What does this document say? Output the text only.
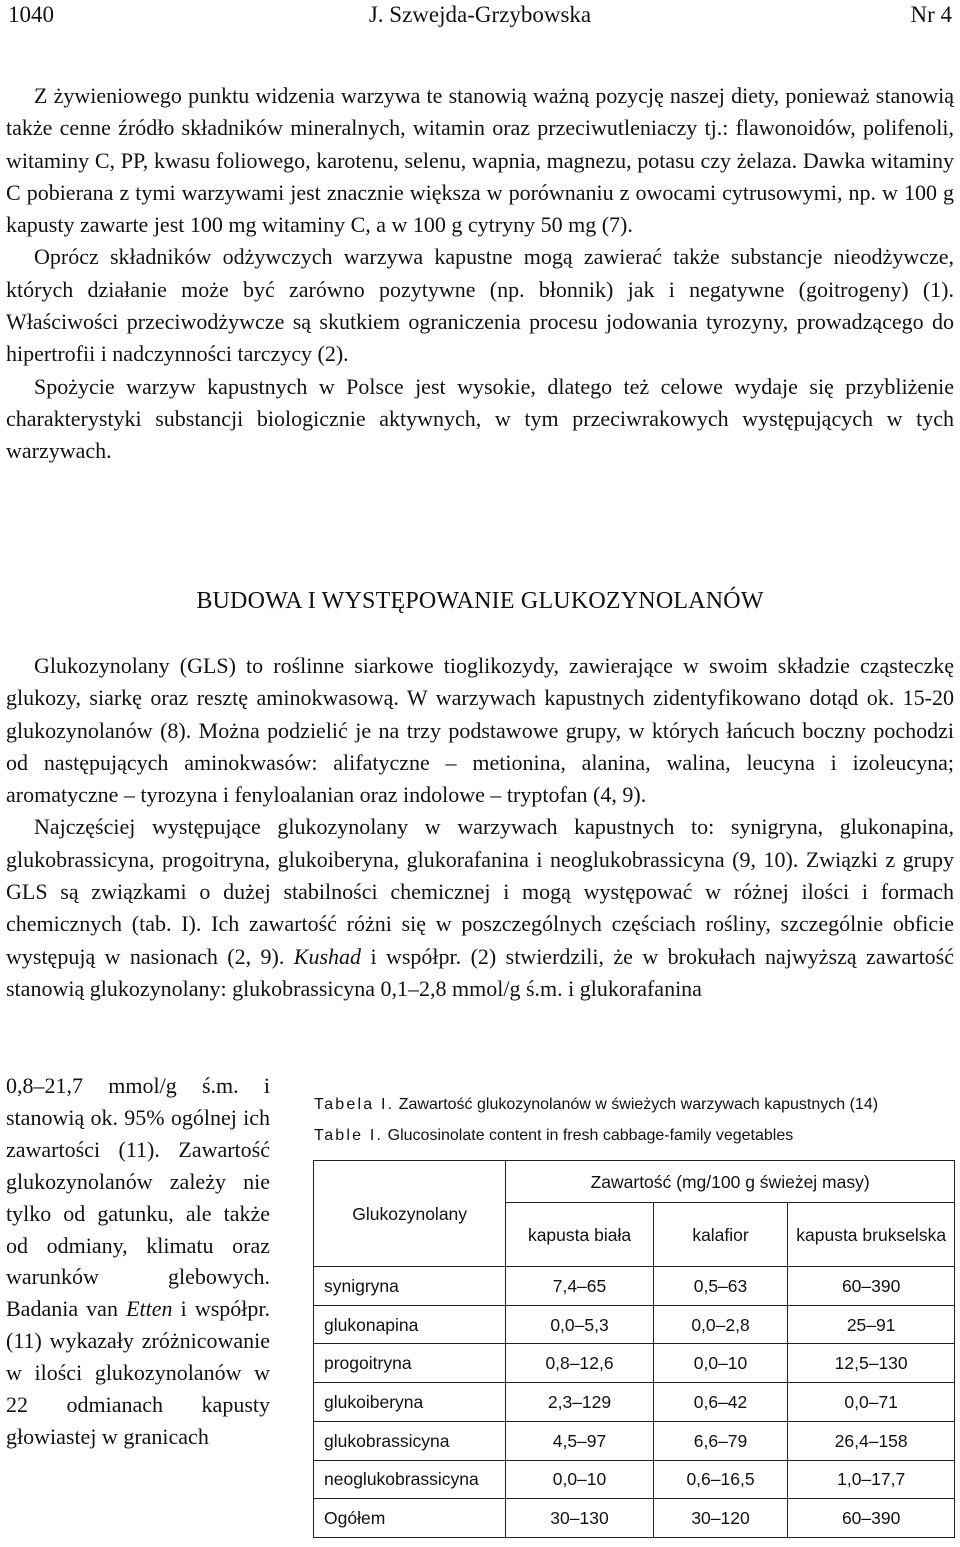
1040	J. Szwejda-Grzybowska	Nr 4

Z żywieniowego punktu widzenia warzywa te stanowią ważną pozycję naszej diety, ponieważ stanowią także cenne źródło składników mineralnych, witamin oraz przeciwutleniaczy tj.: flawonoidów, polifenoli, witaminy C, PP, kwasu foliowego, karotenu, selenu, wapnia, magnezu, potasu czy żelaza. Dawka witaminy C pobierana z tymi warzywami jest znacznie większa w porównaniu z owocami cytrusowymi, np. w 100 g kapusty zawarte jest 100 mg witaminy C, a w 100 g cytryny 50 mg (7).

Oprócz składników odżywczych warzywa kapustne mogą zawierać także substancje nieodżywcze, których działanie może być zarówno pozytywne (np. błonnik) jak i negatywne (goitrogeny) (1). Właściwości przeciwodżywcze są skutkiem ograniczenia procesu jodowania tyrozyny, prowadzącego do hipertrofii i nadczynności tarczycy (2).

Spożycie warzyw kapustnych w Polsce jest wysokie, dlatego też celowe wydaje się przybliżenie charakterystyki substancji biologicznie aktywnych, w tym przeciwrakowych występujących w tych warzywach.

BUDOWA I WYSTĘPOWANIE GLUKOZYNOLANÓW

Glukozynolany (GLS) to roślinne siarkowe tioglikozydy, zawierające w swoim składzie cząsteczkę glukozy, siarkę oraz resztę aminokwasową. W warzywach kapustnych zidentyfikowano dotąd ok. 15-20 glukozynolanów (8). Można podzielić je na trzy podstawowe grupy, w których łańcuch boczny pochodzi od następujących aminokwasów: alifatyczne – metionina, alanina, walina, leucyna i izoleucyna; aromatyczne – tyrozyna i fenyloalanian oraz indolowe – tryptofan (4, 9).

Najczęściej występujące glukozynolany w warzywach kapustnych to: synigryna, glukonapina, glukobrassicyna, progoitryna, glukoiberyna, glukorafanina i neoglukobrassicyna (9, 10). Związki z grupy GLS są związkami o dużej stabilności chemicznej i mogą występować w różnej ilości i formach chemicznych (tab. I). Ich zawartość różni się w poszczególnych częściach rośliny, szczególnie obficie występują w nasionach (2, 9). Kushad i współpr. (2) stwierdzili, że w brokułach najwyższą zawartość stanowią glukozynolany: glukobrassicyna 0,1–2,8 mmol/g ś.m. i glukorafanina

0,8–21,7 mmol/g ś.m. i stanowią ok. 95% ogólnej ich zawartości (11). Zawartość glukozynolanów zależy nie tylko od gatunku, ale także od odmiany, klimatu oraz warunków glebowych. Badania van Etten i współpr. (11) wykazały zróżnicowanie w ilości glukozynolanów w 22 odmianach kapusty głowiastej w granicach

Tabela I. Zawartość glukozynolanów w świeżych warzywach kapustnych (14)
Table I. Glucosinolate content in fresh cabbage-family vegetables
Glukozynolany	Zawartość (mg/100 g świeżej masy)		
	kapusta biała	kalafior	kapusta brukselska
synigryna	7,4–65	0,5–63	60–390
glukonapina	0,0–5,3	0,0–2,8	25–91
progoitryna	0,8–12,6	0,0–10	12,5–130
glukoiberyna	2,3–129	0,6–42	0,0–71
glukobrassicyna	4,5–97	6,6–79	26,4–158
neoglukobrassicyna	0,0–10	0,6–16,5	1,0–17,7
Ogółem	30–130	30–120	60–390
